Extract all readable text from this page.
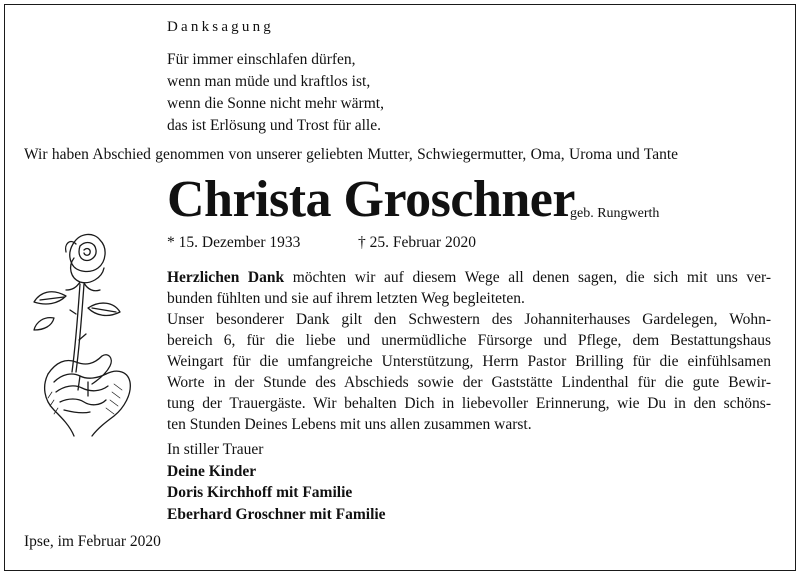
Danksagung
Für immer einschlafen dürfen,
wenn man müde und kraftlos ist,
wenn die Sonne nicht mehr wärmt,
das ist Erlösung und Trost für alle.
Wir haben Abschied genommen von unserer geliebten Mutter, Schwiegermutter, Oma, Uroma und Tante
Christa Groschner
geb. Rungwerth
* 15. Dezember 1933	† 25. Februar 2020
Herzlichen Dank möchten wir auf diesem Wege all denen sagen, die sich mit uns ver-
bunden fühlten und sie auf ihrem letzten Weg begleiteten.
Unser besonderer Dank gilt den Schwestern des Johanniterhauses Gardelegen, Wohn-
bereich 6, für die liebe und unermüdliche Fürsorge und Pflege, dem Bestattungshaus
Weingart für die umfangreiche Unterstützung, Herrn Pastor Brilling für die einfühlsamen
Worte in der Stunde des Abschieds sowie der Gaststätte Lindenthal für die gute Bewir-
tung der Trauergäste. Wir behalten Dich in liebevoller Erinnerung, wie Du in den schöns-
ten Stunden Deines Lebens mit uns allen zusammen warst.
In stiller Trauer
Deine Kinder
Doris Kirchhoff mit Familie
Eberhard Groschner mit Familie
Ipse, im Februar 2020
